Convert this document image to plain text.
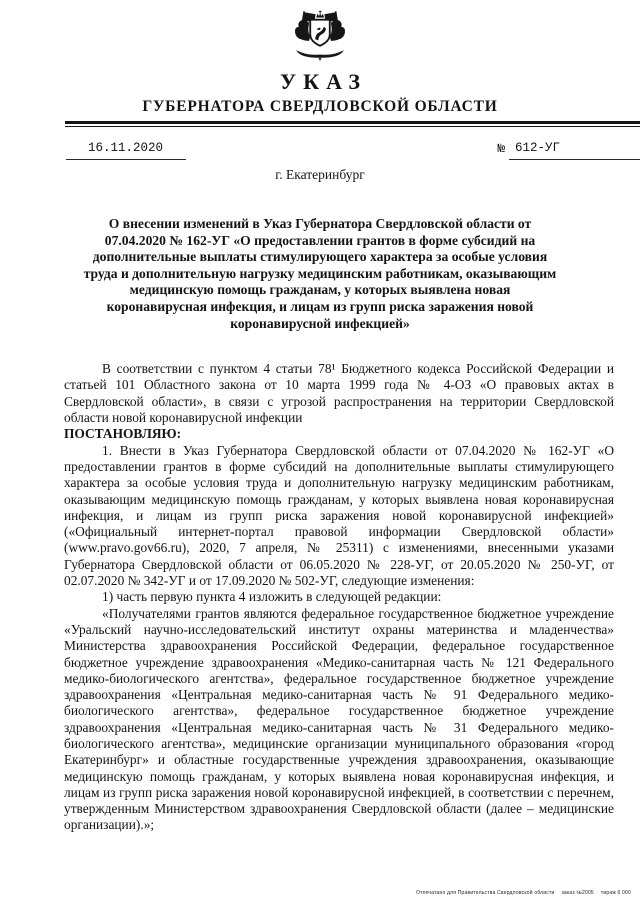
УКАЗ
ГУБЕРНАТОРА СВЕРДЛОВСКОЙ ОБЛАСТИ
16.11.2020	№ 612-УГ
г. Екатеринбург
О внесении изменений в Указ Губернатора Свердловской области от 07.04.2020 № 162-УГ «О предоставлении грантов в форме субсидий на дополнительные выплаты стимулирующего характера за особые условия труда и дополнительную нагрузку медицинским работникам, оказывающим медицинскую помощь гражданам, у которых выявлена новая коронавирусная инфекция, и лицам из групп риска заражения новой коронавирусной инфекцией»

В соответствии с пунктом 4 статьи 78¹ Бюджетного кодекса Российской Федерации и статьей 101 Областного закона от 10 марта 1999 года № 4-ОЗ «О правовых актах в Свердловской области», в связи с угрозой распространения на территории Свердловской области новой коронавирусной инфекции

ПОСТАНОВЛЯЮ:

1. Внести в Указ Губернатора Свердловской области от 07.04.2020 № 162-УГ «О предоставлении грантов в форме субсидий на дополнительные выплаты стимулирующего характера за особые условия труда и дополнительную нагрузку медицинским работникам, оказывающим медицинскую помощь гражданам, у которых выявлена новая коронавирусная инфекция, и лицам из групп риска заражения новой коронавирусной инфекцией» («Официальный интернет-портал правовой информации Свердловской области» (www.pravo.gov66.ru), 2020, 7 апреля, № 25311) с изменениями, внесенными указами Губернатора Свердловской области от 06.05.2020 № 228-УГ, от 20.05.2020 № 250-УГ, от 02.07.2020 № 342-УГ и от 17.09.2020 № 502-УГ, следующие изменения:

1) часть первую пункта 4 изложить в следующей редакции:

«Получателями грантов являются федеральное государственное бюджетное учреждение «Уральский научно-исследовательский институт охраны материнства и младенчества» Министерства здравоохранения Российской Федерации, федеральное государственное бюджетное учреждение здравоохранения «Медико-санитарная часть № 121 Федерального медико-биологического агентства», федеральное государственное бюджетное учреждение здравоохранения «Центральная медико-санитарная часть № 91 Федерального медико-биологического агентства», федеральное государственное бюджетное учреждение здравоохранения «Центральная медико-санитарная часть № 31 Федерального медико-биологического агентства», медицинские организации муниципального образования «город Екатеринбург» и областные государственные учреждения здравоохранения, оказывающие медицинскую помощь гражданам, у которых выявлена новая коронавирусная инфекция, и лицам из групп риска заражения новой коронавирусной инфекцией, в соответствии с перечнем, утвержденным Министерством здравоохранения Свердловской области (далее – медицинские организации).»;

Отпечатано для Правительства Свердловской области заказ №2005 тираж 6 000
